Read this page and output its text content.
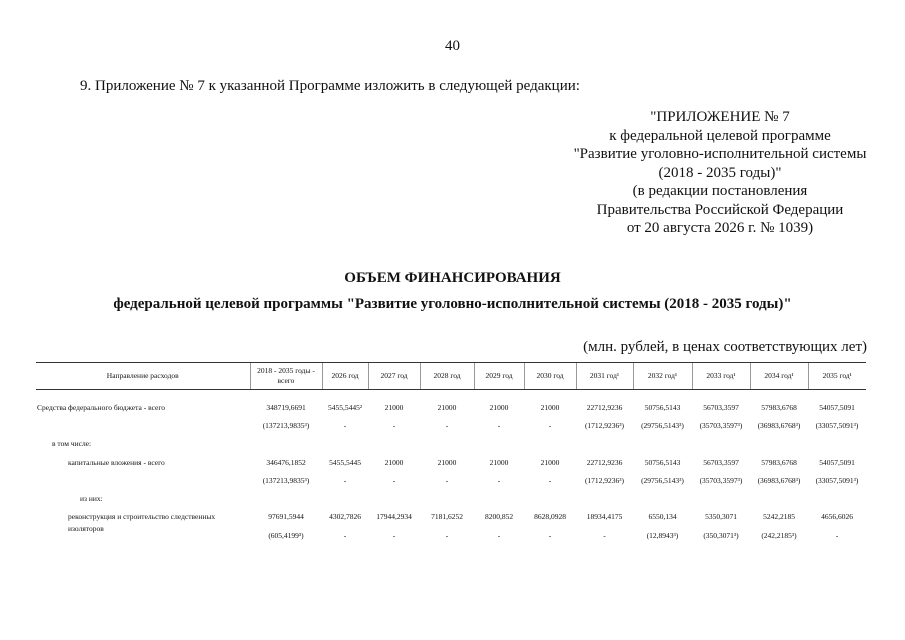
40
9. Приложение № 7 к указанной Программе изложить в следующей редакции:
"ПРИЛОЖЕНИЕ № 7
к федеральной целевой программе
"Развитие уголовно-исполнительной системы
(2018 - 2035 годы)"
(в редакции постановления
Правительства Российской Федерации
от 20 августа 2026 г. № 1039)
ОБЪЕМ ФИНАНСИРОВАНИЯ
федеральной целевой программы "Развитие уголовно-исполнительной системы (2018 - 2035 годы)"
(млн. рублей, в ценах соответствующих лет)
Направление расходов	2018 - 2035 годы - всего	2026 год	2027 год	2028 год	2029 год	2030 год	2031 год¹	2032 год¹	2033 год¹	2034 год¹	2035 год¹

Средства федерального бюджета - всего	348719,6691	5455,5445²	21000	21000	21000	21000	22712,9236	50756,5143	56703,3597	57983,6768	54057,5091
	(137213,9835³)	-	-	-	-	-	(1712,9236³)	(29756,5143³)	(35703,3597³)	(36983,6768³)	(33057,5091³)
в том числе:											
капитальные вложения - всего	346476,1852	5455,5445	21000	21000	21000	21000	22712,9236	50756,5143	56703,3597	57983,6768	54057,5091
	(137213,9835³)	-	-	-	-	-	(1712,9236³)	(29756,5143³)	(35703,3597³)	(36983,6768³)	(33057,5091³)
из них:											
реконструкция и строительство следственных изоляторов	97691,5944	4302,7826	17944,2934	7181,6252	8200,852	8628,0928	18934,4175	6550,134	5350,3071	5242,2185	4656,6026
	(605,4199³)	-	-	-	-	-	-	(12,8943³)	(350,3071³)	(242,2185³)	-
